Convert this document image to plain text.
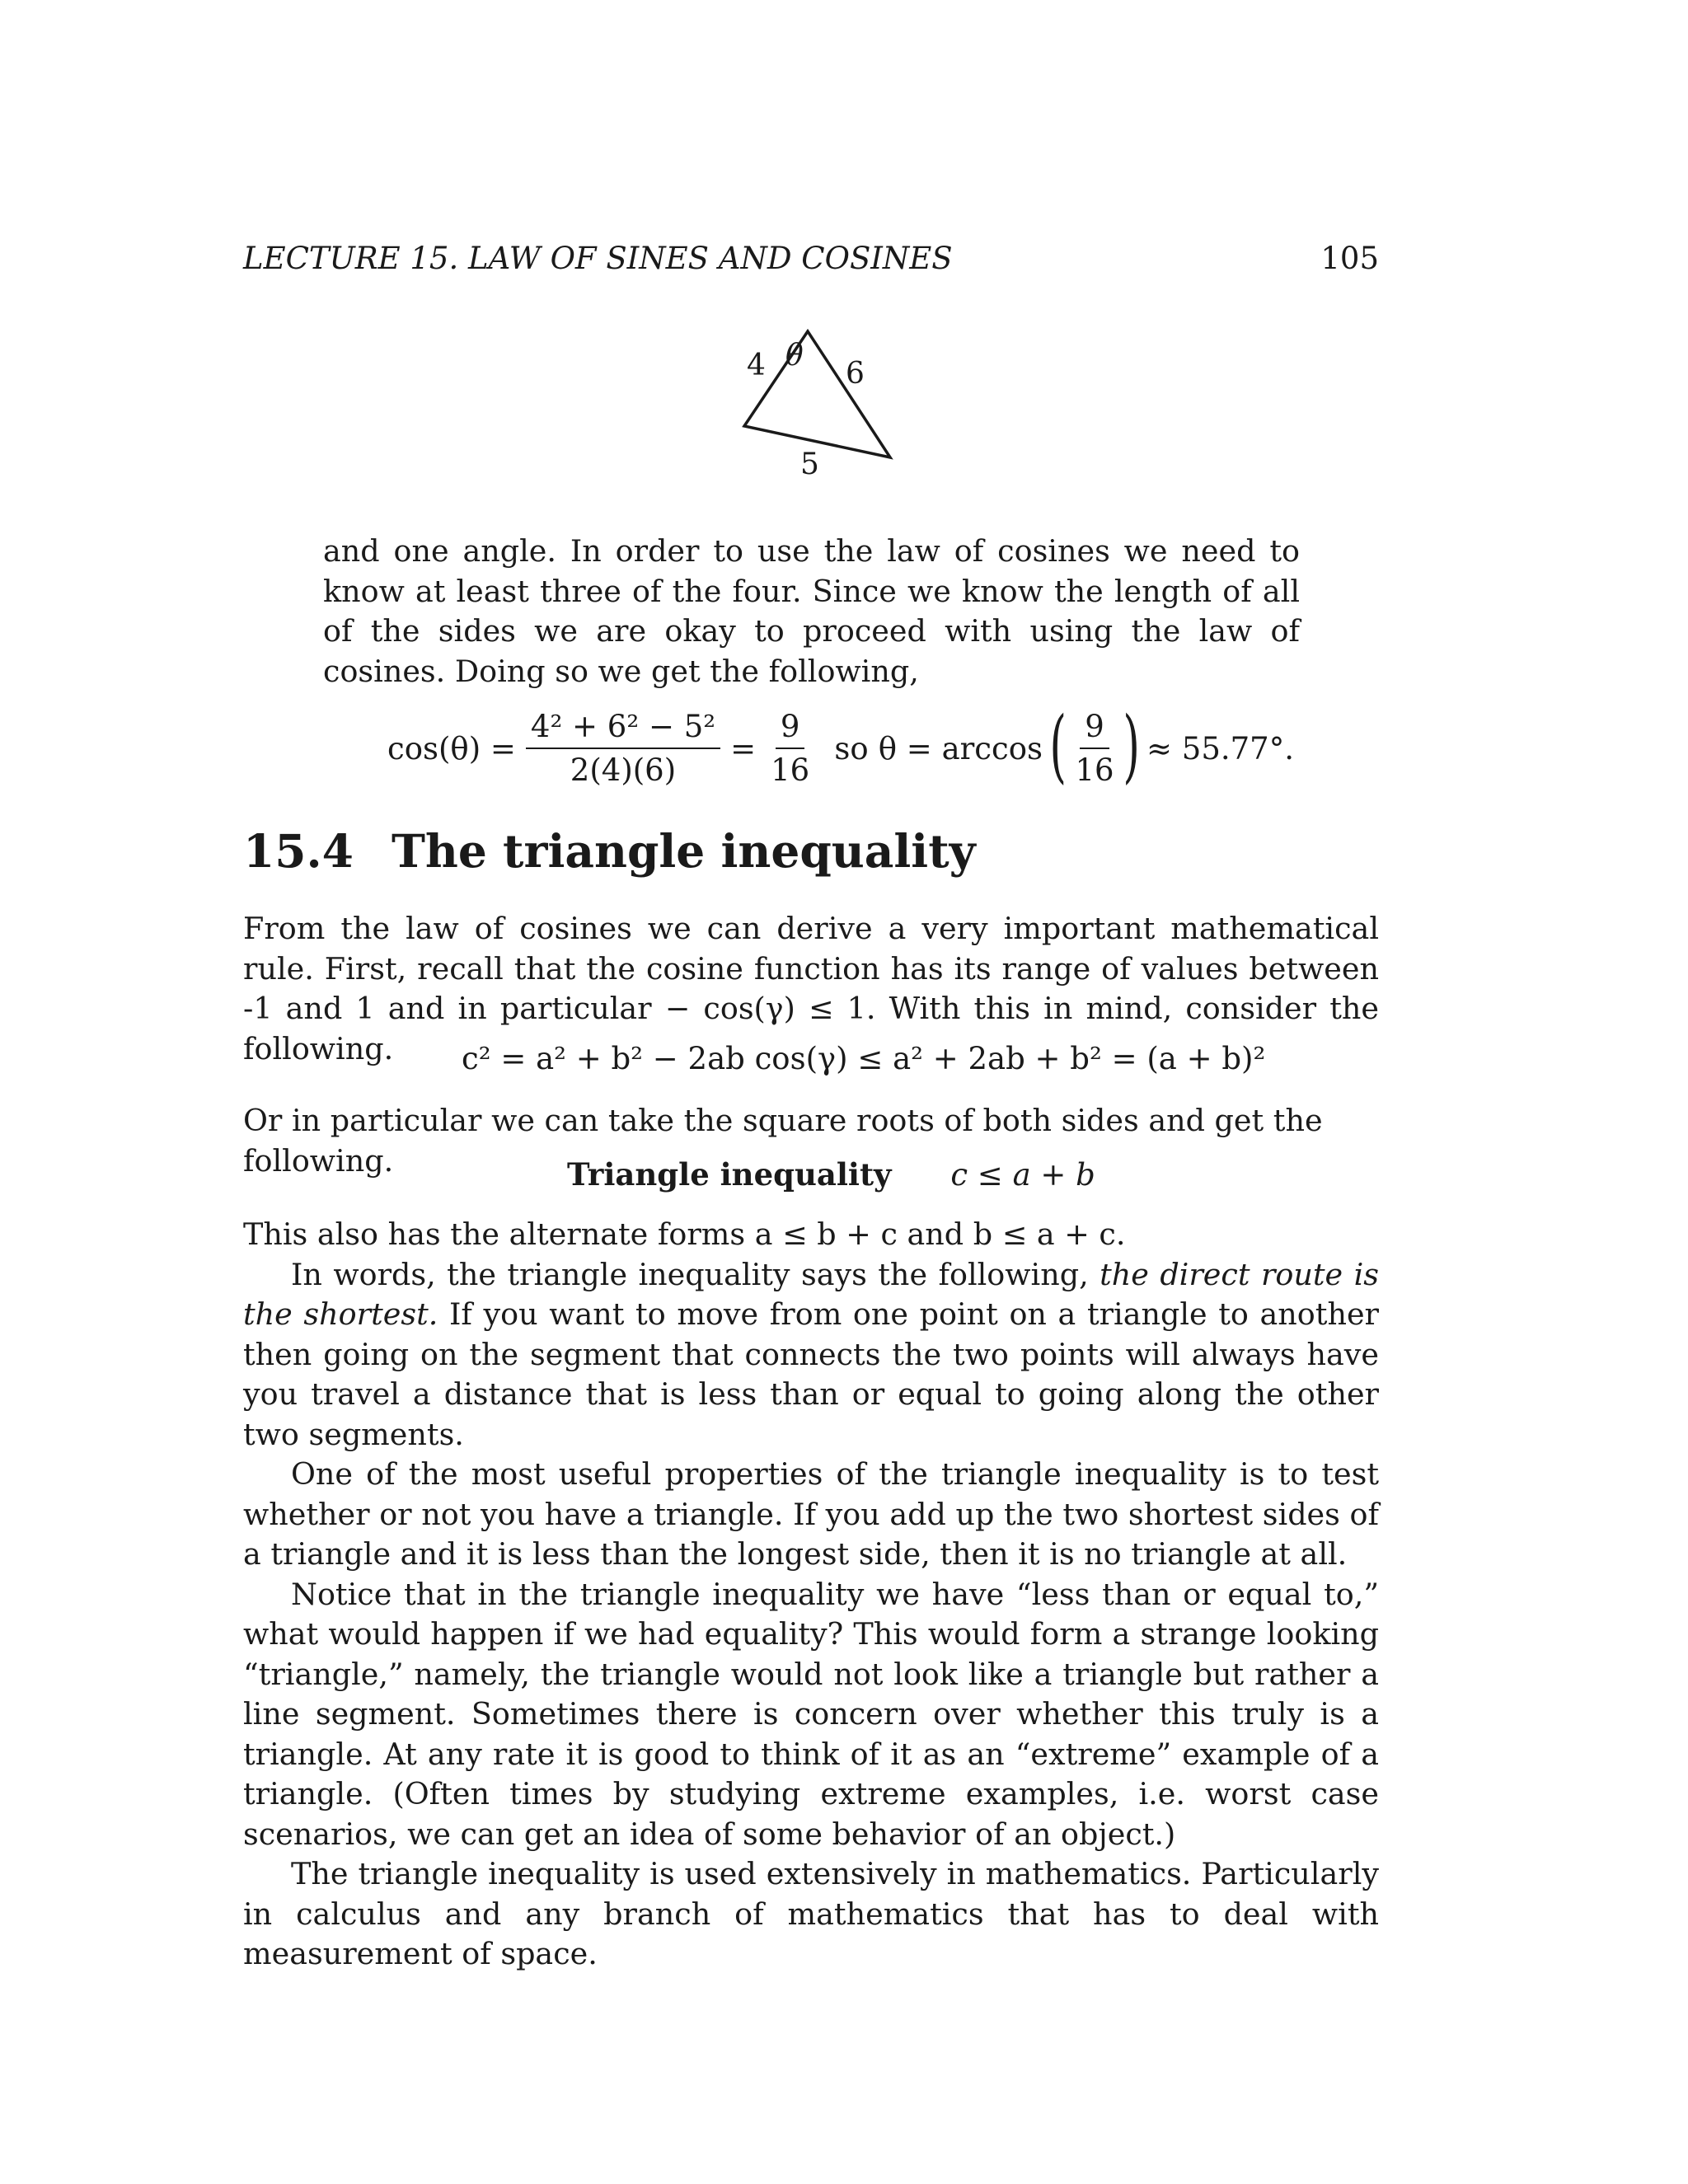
LECTURE 15. LAW OF SINES AND COSINES	105
4 θ
6
5

and one angle. In order to use the law of cosines we need to know at least three of the four. Since we know the length of all of the sides we are okay to proceed with using the law of cosines. Doing so we get the following,

$\cos(\theta) = \frac{\text{4² + 6² − 5²}}{2(4)(6)} = \frac{9}{16}$ so θ = arccos ( $\frac{9}{16}$ ) ≈ 55.77°.
15.4 The triangle inequality

From the law of cosines we can derive a very important mathematical rule. First, recall that the cosine function has its range of values between -1 and 1 and in particular − cos(γ) ≤ 1. With this in mind, consider the following.	c² = a² + b² − 2ab cos(γ) ≤ a² + 2ab + b² = (a + b)²

Or in particular we can take the square roots of both sides and get the following.	Triangle inequality c ≤ a + b
This also has the alternate forms a ≤ b + c and b ≤ a + c.
In words, the triangle inequality says the following, the direct route is the shortest. If you want to move from one point on a triangle to another then going on the segment that connects the two points will always have you travel a distance that is less than or equal to going along the other two segments.
One of the most useful properties of the triangle inequality is to test whether or not you have a triangle. If you add up the two shortest sides of a triangle and it is less than the longest side, then it is no triangle at all.
Notice that in the triangle inequality we have “less than or equal to,” what would happen if we had equality? This would form a strange looking “triangle,” namely, the triangle would not look like a triangle but rather a line segment. Sometimes there is concern over whether this truly is a triangle. At any rate it is good to think of it as an “extreme” example of a triangle. (Often times by studying extreme examples, i.e. worst case scenarios, we can get an idea of some behavior of an object.)
The triangle inequality is used extensively in mathematics. Particularly in calculus and any branch of mathematics that has to deal with measurement of space.
